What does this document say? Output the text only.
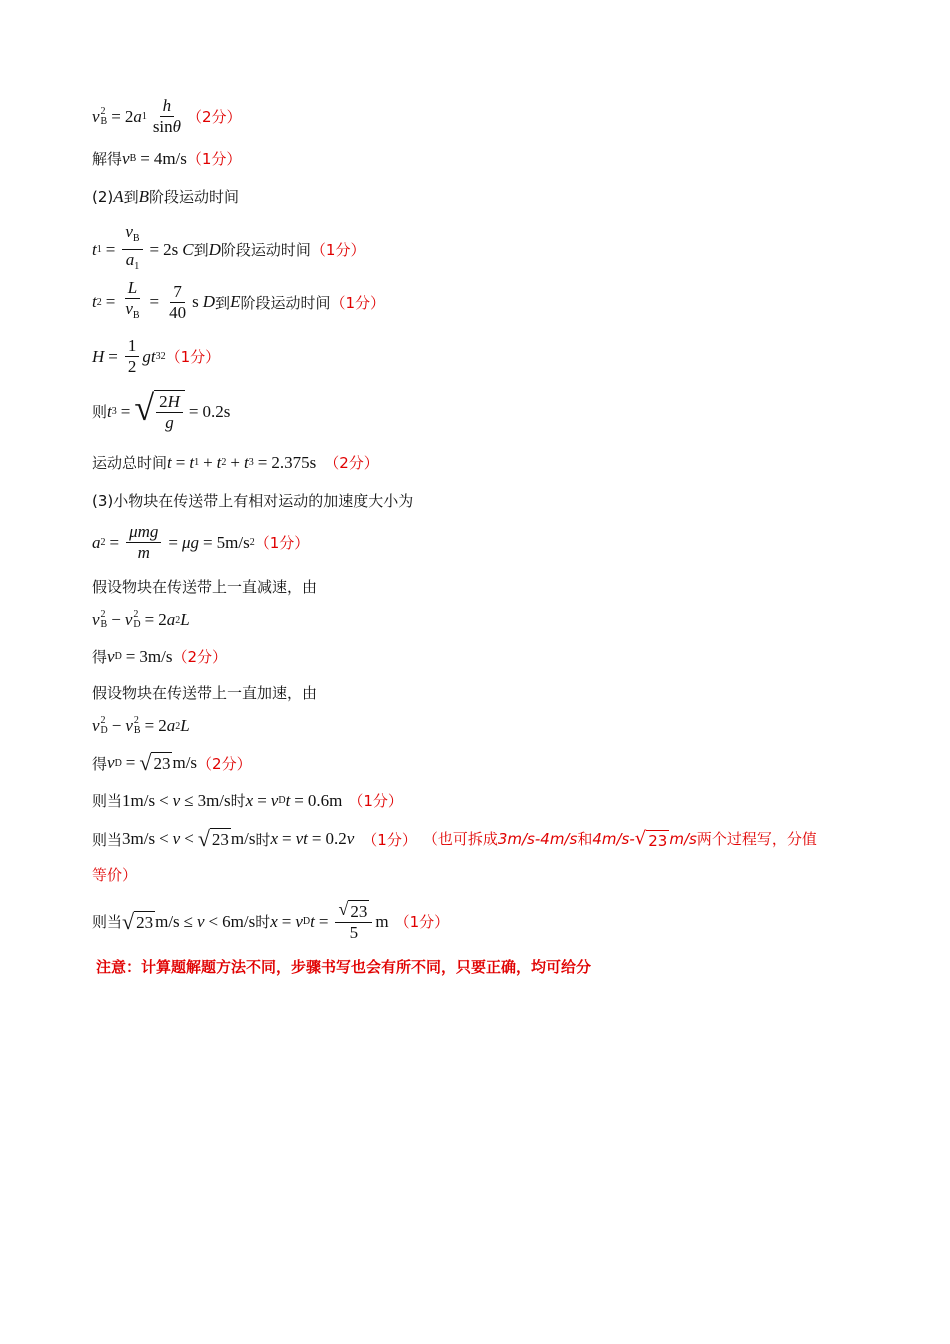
v 2
B = 2 a $1 \frac{h}{\sin\theta} (2$分）
解得 v B = 4m/s （1分）
(2) A 到 B 阶段运动时间
t $1 = \frac{v_B}{a_1} = 2s$ C 到 D 阶段运动时间 （1分）
t $2 = \frac{L}{v_B} = \frac{7}{40}$ s D 到 E 阶段运动时间 （1分）
$H = \frac{1}{2}$ gt 3 2 （1分）
则 t 3 = √ $\frac{2H}{g} = 0.2s$
运动总时间 t = t 1 + t 2 + t 3 = 2.375s （2分）
(3)小物块在传送带上有相对运动的加速度大小为
a $2 = \frac{\text{μmg}}{m} = \mu g = 5m/s$ 2 （1分）
假设物块在传送带上一直减速，由
v 2
B − v 2
D = 2 a 2 L
得 v D = 3m/s （2分）
假设物块在传送带上一直加速，由
v 2
D − v 2
B = 2 a 2 L
得 v D = √ 23 m/s （2分）
则当 1m/s < v ≤ 3m/s 时 x = v D t = 0.6m （1分）
则当 3m/s < v < √ 23 m/s 时 x = vt = 0.2 v （1分） （也可拆成3m/s-4m/s和4m/s- √ 23 m/s两个过程写，分值
等价）
则当 √ 23 m/s ≤ v < 6m/s 时 x = v D $t = \frac{√ 23}{5}$ m （1分）
注意：计算题解题方法不同，步骤书写也会有所不同，只要正确，均可给分
